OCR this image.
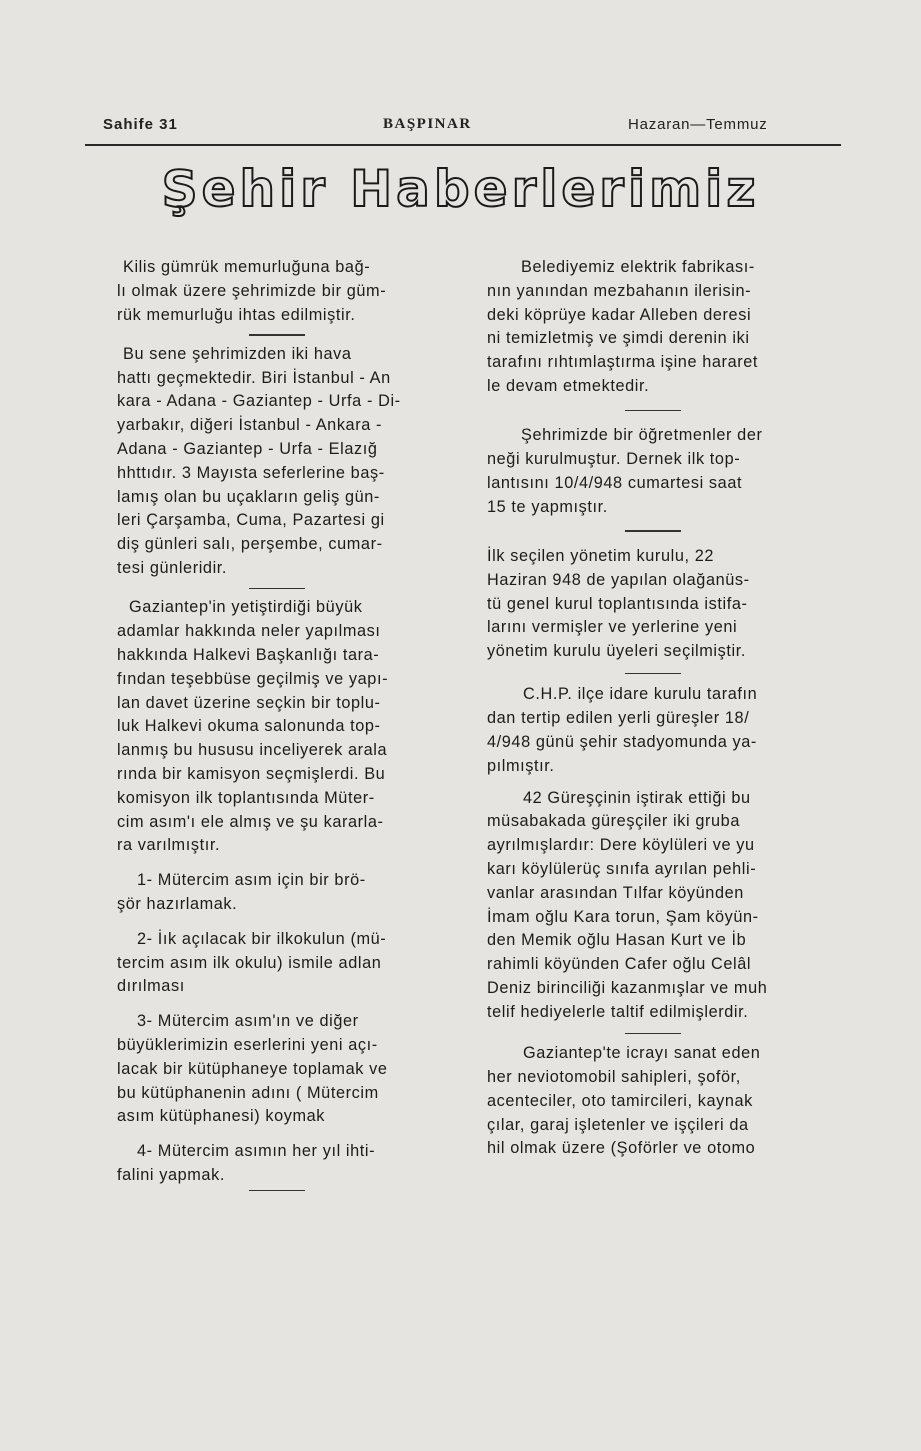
Sahife 31	BAŞPINAR	Hazaran—Temmuz
Şehir Haberlerimiz

Kilis gümrük memurluğuna bağ-
lı olmak üzere şehrimizde bir güm-
rük memurluğu ihtas edilmiştir.

Bu sene şehrimizden iki hava
hattı geçmektedir. Biri İstanbul - An
kara - Adana - Gaziantep - Urfa - Di-
yarbakır, diğeri İstanbul - Ankara -
Adana - Gaziantep - Urfa - Elazığ
hhttıdır. 3 Mayısta seferlerine baş-
lamış olan bu uçakların geliş gün-
leri Çarşamba, Cuma, Pazartesi gi
diş günleri salı, perşembe, cumar-
tesi günleridir.

Gaziantep'in yetiştirdiği büyük
adamlar hakkında neler yapılması
hakkında Halkevi Başkanlığı tara-
fından teşebbüse geçilmiş ve yapı-
lan davet üzerine seçkin bir toplu-
luk Halkevi okuma salonunda top-
lanmış bu hususu inceliyerek arala
rında bir kamisyon seçmişlerdi. Bu
komisyon ilk toplantısında Müter-
cim asım'ı ele almış ve şu kararla-
ra varılmıştır.

1- Mütercim asım için bir brö-
şör hazırlamak.

2- İık açılacak bir ilkokulun (mü-
tercim asım ilk okulu) ismile adlan
dırılması

3- Mütercim asım'ın ve diğer
büyüklerimizin eserlerini yeni açı-
lacak bir kütüphaneye toplamak ve
bu kütüphanenin adını ( Mütercim
asım kütüphanesi) koymak

4- Mütercim asımın her yıl ihti-
falini yapmak.

Belediyemiz elektrik fabrikası-
nın yanından mezbahanın ilerisin-
deki köprüye kadar Alleben deresi
ni temizletmiş ve şimdi derenin iki
tarafını rıhtımlaştırma işine hararet
le devam etmektedir.

Şehrimizde bir öğretmenler der
neği kurulmuştur. Dernek ilk top-
lantısını 10/4/948 cumartesi saat
15 te yapmıştır.

İlk seçilen yönetim kurulu, 22
Haziran 948 de yapılan olağanüs-
tü genel kurul toplantısında istifa-
larını vermişler ve yerlerine yeni
yönetim kurulu üyeleri seçilmiştir.

C.H.P. ilçe idare kurulu tarafın
dan tertip edilen yerli güreşler 18/
4/948 günü şehir stadyomunda ya-
pılmıştır.

42 Güreşçinin iştirak ettiği bu
müsabakada güreşçiler iki gruba
ayrılmışlardır: Dere köylüleri ve yu
karı köylülerüç sınıfa ayrılan pehli-
vanlar arasından Tılfar köyünden
İmam oğlu Kara torun, Şam köyün-
den Memik oğlu Hasan Kurt ve İb
rahimli köyünden Cafer oğlu Celâl
Deniz birinciliği kazanmışlar ve muh
telif hediyelerle taltif edilmişlerdir.

Gaziantep'te icrayı sanat eden
her neviotomobil sahipleri, şoför,
acenteciler, oto tamircileri, kaynak
çılar, garaj işletenler ve işçileri da
hil olmak üzere (Şoförler ve otomo
